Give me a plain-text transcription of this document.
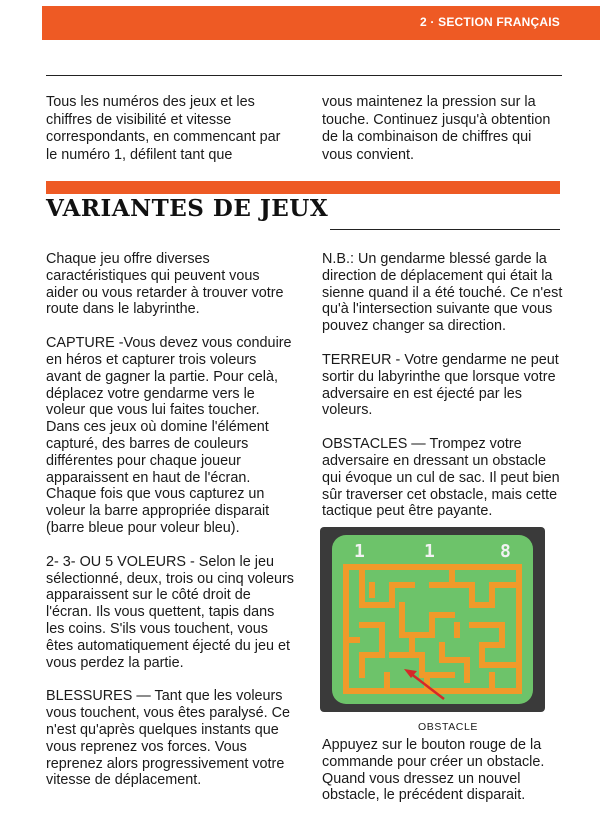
2 · SECTION FRANÇAIS

Tous les numéros des jeux et les chiffres de visibilité et vitesse correspondants, en commencant par le numéro 1, défilent tant que

vous maintenez la pression sur la touche. Continuez jusqu'à obtention de la combinaison de chiffres qui vous convient.

VARIANTES DE JEUX

Chaque jeu offre diverses caractéristiques qui peuvent vous aider ou vous retarder à trouver votre route dans le labyrinthe.

CAPTURE -Vous devez vous conduire en héros et capturer trois voleurs avant de gagner la partie. Pour celà, déplacez votre gendarme vers le voleur que vous lui faites toucher. Dans ces jeux où domine l'élément capturé, des barres de couleurs différentes pour chaque joueur apparaissent en haut de l'écran. Chaque fois que vous capturez un voleur la barre appropriée disparait (barre bleue pour voleur bleu).

2- 3- OU 5 VOLEURS - Selon le jeu sélectionné, deux, trois ou cinq voleurs apparaissent sur le côté droit de l'écran. Ils vous quettent, tapis dans les coins. S'ils vous touchent, vous êtes automatiquement éjecté du jeu et vous perdez la partie.

BLESSURES — Tant que les voleurs vous touchent, vous êtes paralysé. Ce n'est qu'après quelques instants que vous reprenez vos forces. Vous reprenez alors progressivement votre vitesse de déplacement.

N.B.: Un gendarme blessé garde la direction de déplacement qui était la sienne quand il a été touché. Ce n'est qu'à l'intersection suivante que vous pouvez changer sa direction.

TERREUR - Votre gendarme ne peut sortir du labyrinthe que lorsque votre adversaire en est éjecté par les voleurs.

OBSTACLES — Trompez votre adversaire en dressant un obstacle qui évoque un cul de sac. Il peut bien sûr traverser cet obstacle, mais cette tactique peut être payante.

1	1	8
OBSTACLE

Appuyez sur le bouton rouge de la commande pour créer un obstacle. Quand vous dressez un nouvel obstacle, le précédent disparait.
